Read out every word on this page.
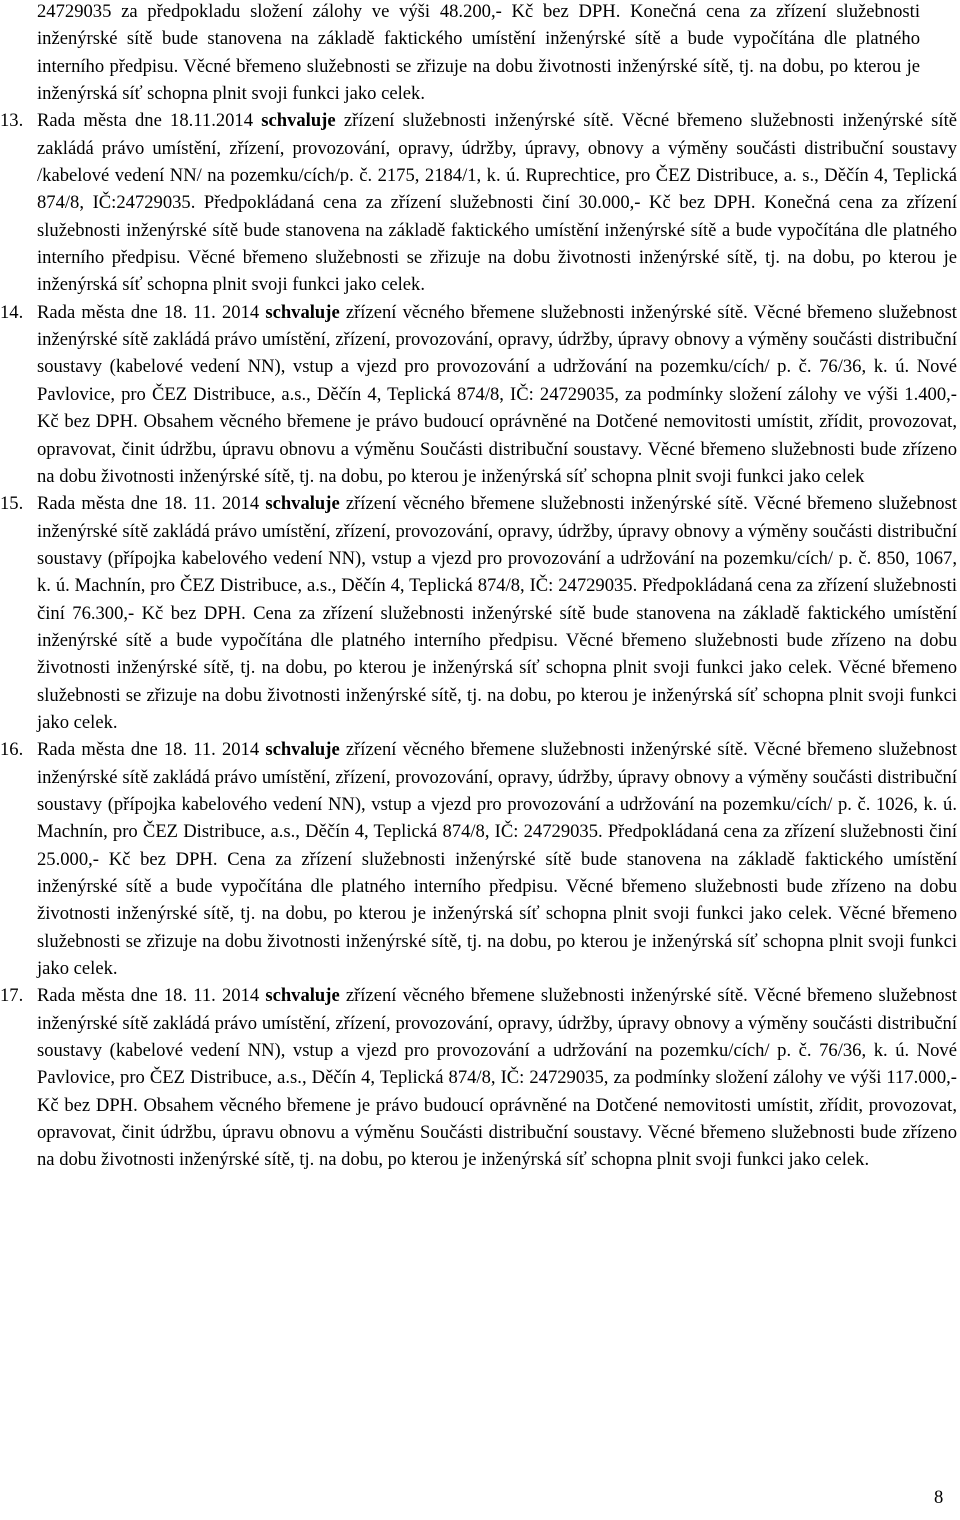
24729035 za předpokladu složení zálohy ve výši 48.200,- Kč bez DPH. Konečná cena za zřízení služebnosti inženýrské sítě bude stanovena na základě faktického umístění inženýrské sítě a bude vypočítána dle platného interního předpisu. Věcné břemeno služebnosti se zřizuje na dobu životnosti inženýrské sítě, tj. na dobu, po kterou je inženýrská síť schopna plnit svoji funkci jako celek.

13. Rada města dne 18.11.2014 schvaluje zřízení služebnosti inženýrské sítě. Věcné břemeno služebnosti inženýrské sítě zakládá právo umístění, zřízení, provozování, opravy, údržby, úpravy, obnovy a výměny součásti distribuční soustavy /kabelové vedení NN/ na pozemku/cích/p. č. 2175, 2184/1, k. ú. Ruprechtice, pro ČEZ Distribuce, a. s., Děčín 4, Teplická 874/8, IČ:24729035. Předpokládaná cena za zřízení služebnosti činí 30.000,- Kč bez DPH. Konečná cena za zřízení služebnosti inženýrské sítě bude stanovena na základě faktického umístění inženýrské sítě a bude vypočítána dle platného interního předpisu. Věcné břemeno služebnosti se zřizuje na dobu životnosti inženýrské sítě, tj. na dobu, po kterou je inženýrská síť schopna plnit svoji funkci jako celek.
14. Rada města dne 18. 11. 2014 schvaluje zřízení věcného břemene služebnosti inženýrské sítě. Věcné břemeno služebnost inženýrské sítě zakládá právo umístění, zřízení, provozování, opravy, údržby, úpravy obnovy a výměny součásti distribuční soustavy (kabelové vedení NN), vstup a vjezd pro provozování a udržování na pozemku/cích/ p. č. 76/36, k. ú. Nové Pavlovice, pro ČEZ Distribuce, a.s., Děčín 4, Teplická 874/8, IČ: 24729035, za podmínky složení zálohy ve výši 1.400,- Kč bez DPH. Obsahem věcného břemene je právo budoucí oprávněné na Dotčené nemovitosti umístit, zřídit, provozovat, opravovat, činit údržbu, úpravu obnovu a výměnu Součásti distribuční soustavy. Věcné břemeno služebnosti bude zřízeno na dobu životnosti inženýrské sítě, tj. na dobu, po kterou je inženýrská síť schopna plnit svoji funkci jako celek
15. Rada města dne 18. 11. 2014 schvaluje zřízení věcného břemene služebnosti inženýrské sítě. Věcné břemeno služebnost inženýrské sítě zakládá právo umístění, zřízení, provozování, opravy, údržby, úpravy obnovy a výměny součásti distribuční soustavy (přípojka kabelového vedení NN), vstup a vjezd pro provozování a udržování na pozemku/cích/ p. č. 850, 1067, k. ú. Machnín, pro ČEZ Distribuce, a.s., Děčín 4, Teplická 874/8, IČ: 24729035. Předpokládaná cena za zřízení služebnosti činí 76.300,- Kč bez DPH. Cena za zřízení služebnosti inženýrské sítě bude stanovena na základě faktického umístění inženýrské sítě a bude vypočítána dle platného interního předpisu. Věcné břemeno služebnosti bude zřízeno na dobu životnosti inženýrské sítě, tj. na dobu, po kterou je inženýrská síť schopna plnit svoji funkci jako celek. Věcné břemeno služebnosti se zřizuje na dobu životnosti inženýrské sítě, tj. na dobu, po kterou je inženýrská síť schopna plnit svoji funkci jako celek.
16. Rada města dne 18. 11. 2014 schvaluje zřízení věcného břemene služebnosti inženýrské sítě. Věcné břemeno služebnost inženýrské sítě zakládá právo umístění, zřízení, provozování, opravy, údržby, úpravy obnovy a výměny součásti distribuční soustavy (přípojka kabelového vedení NN), vstup a vjezd pro provozování a udržování na pozemku/cích/ p. č. 1026, k. ú. Machnín, pro ČEZ Distribuce, a.s., Děčín 4, Teplická 874/8, IČ: 24729035. Předpokládaná cena za zřízení služebnosti činí 25.000,- Kč bez DPH. Cena za zřízení služebnosti inženýrské sítě bude stanovena na základě faktického umístění inženýrské sítě a bude vypočítána dle platného interního předpisu. Věcné břemeno služebnosti bude zřízeno na dobu životnosti inženýrské sítě, tj. na dobu, po kterou je inženýrská síť schopna plnit svoji funkci jako celek. Věcné břemeno služebnosti se zřizuje na dobu životnosti inženýrské sítě, tj. na dobu, po kterou je inženýrská síť schopna plnit svoji funkci jako celek.
17. Rada města dne 18. 11. 2014 schvaluje zřízení věcného břemene služebnosti inženýrské sítě. Věcné břemeno služebnost inženýrské sítě zakládá právo umístění, zřízení, provozování, opravy, údržby, úpravy obnovy a výměny součásti distribuční soustavy (kabelové vedení NN), vstup a vjezd pro provozování a udržování na pozemku/cích/ p. č. 76/36, k. ú. Nové Pavlovice, pro ČEZ Distribuce, a.s., Děčín 4, Teplická 874/8, IČ: 24729035, za podmínky složení zálohy ve výši 117.000,- Kč bez DPH. Obsahem věcného břemene je právo budoucí oprávněné na Dotčené nemovitosti umístit, zřídit, provozovat, opravovat, činit údržbu, úpravu obnovu a výměnu Součásti distribuční soustavy. Věcné břemeno služebnosti bude zřízeno na dobu životnosti inženýrské sítě, tj. na dobu, po kterou je inženýrská síť schopna plnit svoji funkci jako celek.
8
